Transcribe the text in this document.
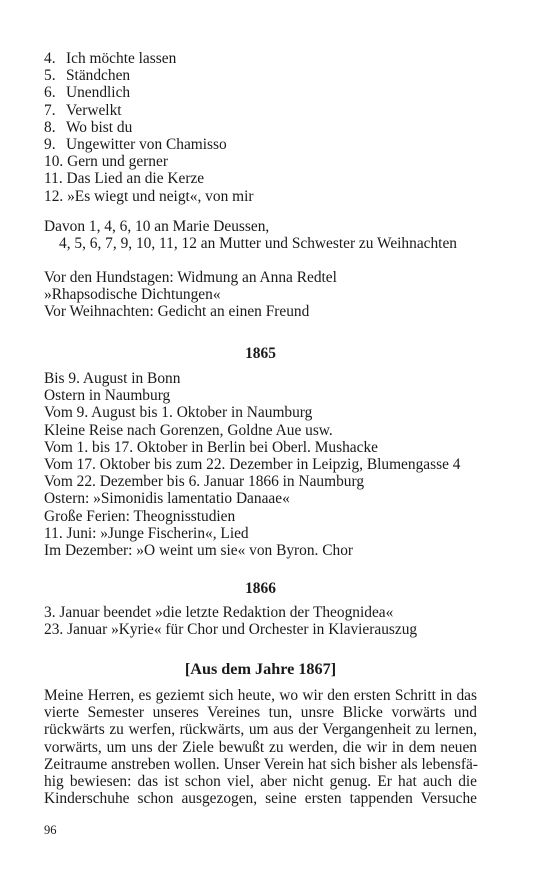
4. Ich möchte lassen
5. Ständchen
6. Unendlich
7. Verwelkt
8. Wo bist du
9. Ungewitter von Chamisso
10. Gern und gerner
11. Das Lied an die Kerze
12. »Es wiegt und neigt«, von mir
Davon 1, 4, 6, 10 an Marie Deussen,
4, 5, 6, 7, 9, 10, 11, 12 an Mutter und Schwester zu Weihnachten
Vor den Hundstagen: Widmung an Anna Redtel
»Rhapsodische Dichtungen«
Vor Weihnachten: Gedicht an einen Freund
1865
Bis 9. August in Bonn
Ostern in Naumburg
Vom 9. August bis 1. Oktober in Naumburg
Kleine Reise nach Gorenzen, Goldne Aue usw.
Vom 1. bis 17. Oktober in Berlin bei Oberl. Mushacke
Vom 17. Oktober bis zum 22. Dezember in Leipzig, Blumengasse 4
Vom 22. Dezember bis 6. Januar 1866 in Naumburg
Ostern: »Simonidis lamentatio Danaae«
Große Ferien: Theognisstudien
11. Juni: »Junge Fischerin«, Lied
Im Dezember: »O weint um sie« von Byron. Chor
1866
3. Januar beendet »die letzte Redaktion der Theognidea«
23. Januar »Kyrie« für Chor und Orchester in Klavierauszug
[Aus dem Jahre 1867]
Meine Herren, es geziemt sich heute, wo wir den ersten Schritt in das
vierte Semester unseres Vereines tun, unsre Blicke vorwärts und
rückwärts zu werfen, rückwärts, um aus der Vergangenheit zu lernen,
vorwärts, um uns der Ziele bewußt zu werden, die wir in dem neuen
Zeitraume anstreben wollen. Unser Verein hat sich bisher als lebensfä-
hig bewiesen: das ist schon viel, aber nicht genug. Er hat auch die
Kinderschuhe schon ausgezogen, seine ersten tappenden Versuche
96
